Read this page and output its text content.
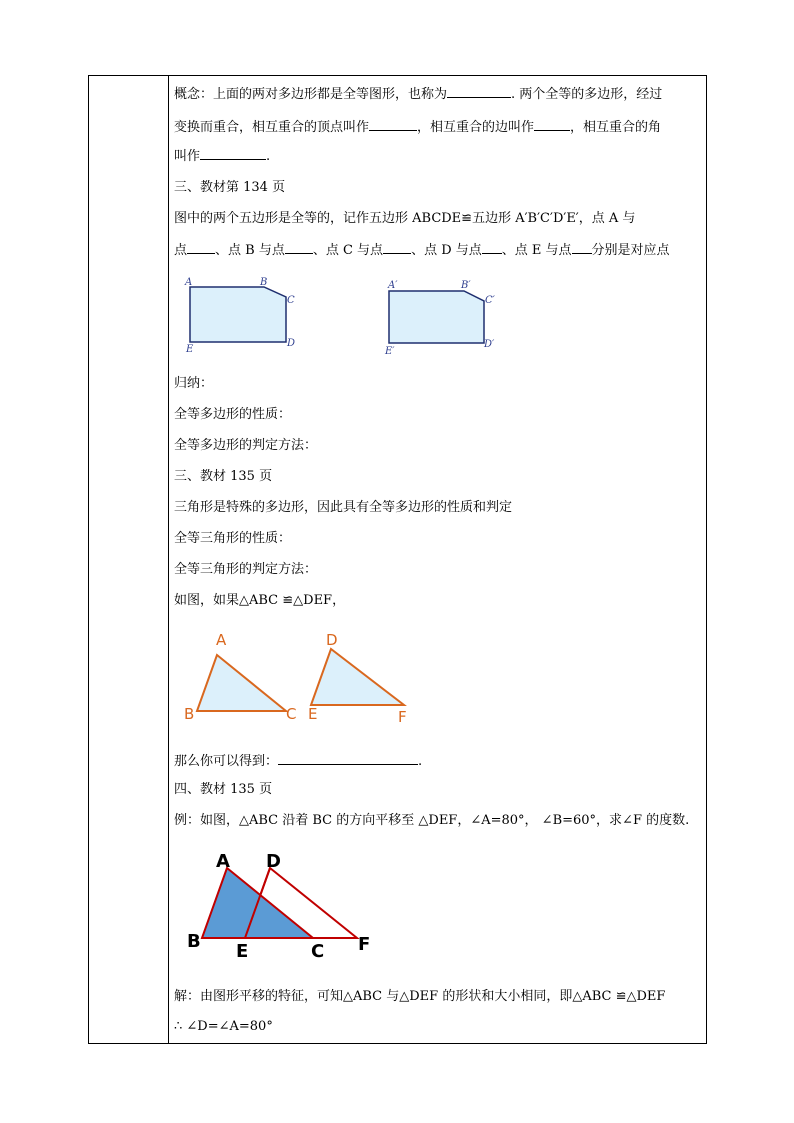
概念：上面的两对多边形都是全等图形，也称为	. 两个全等的多边形，经过
变换而重合，相互重合的顶点叫作	，相互重合的边叫作	，相互重合的角
叫作	.
三、教材第 134 页
图中的两个五边形是全等的，记作五边形 ABCDE≌五边形 A′B′C′D′E′，点 A 与
点 、点 B 与点 、点 C 与点 、点 D 与点 、点 E 与点 分别是对应点
A	B
C
D
E
A′	B′
C′
D′
E′
归纳：
全等多边形的性质：
全等多边形的判定方法：
三、教材 135 页
三角形是特殊的多边形，因此具有全等多边形的性质和判定
全等三角形的性质：
全等三角形的判定方法：
如图，如果△ABC ≌△DEF，
A
B	C
D
E	F
那么你可以得到：	.
四、教材 135 页
例：如图，△ABC 沿着 BC 的方向平移至 △DEF，∠A=80°， ∠B=60°，求∠F 的度数.
A
B	C
D
E	F
解：由图形平移的特征，可知△ABC 与△DEF 的形状和大小相同，即△ABC ≌△DEF
∴ ∠D=∠A=80°
